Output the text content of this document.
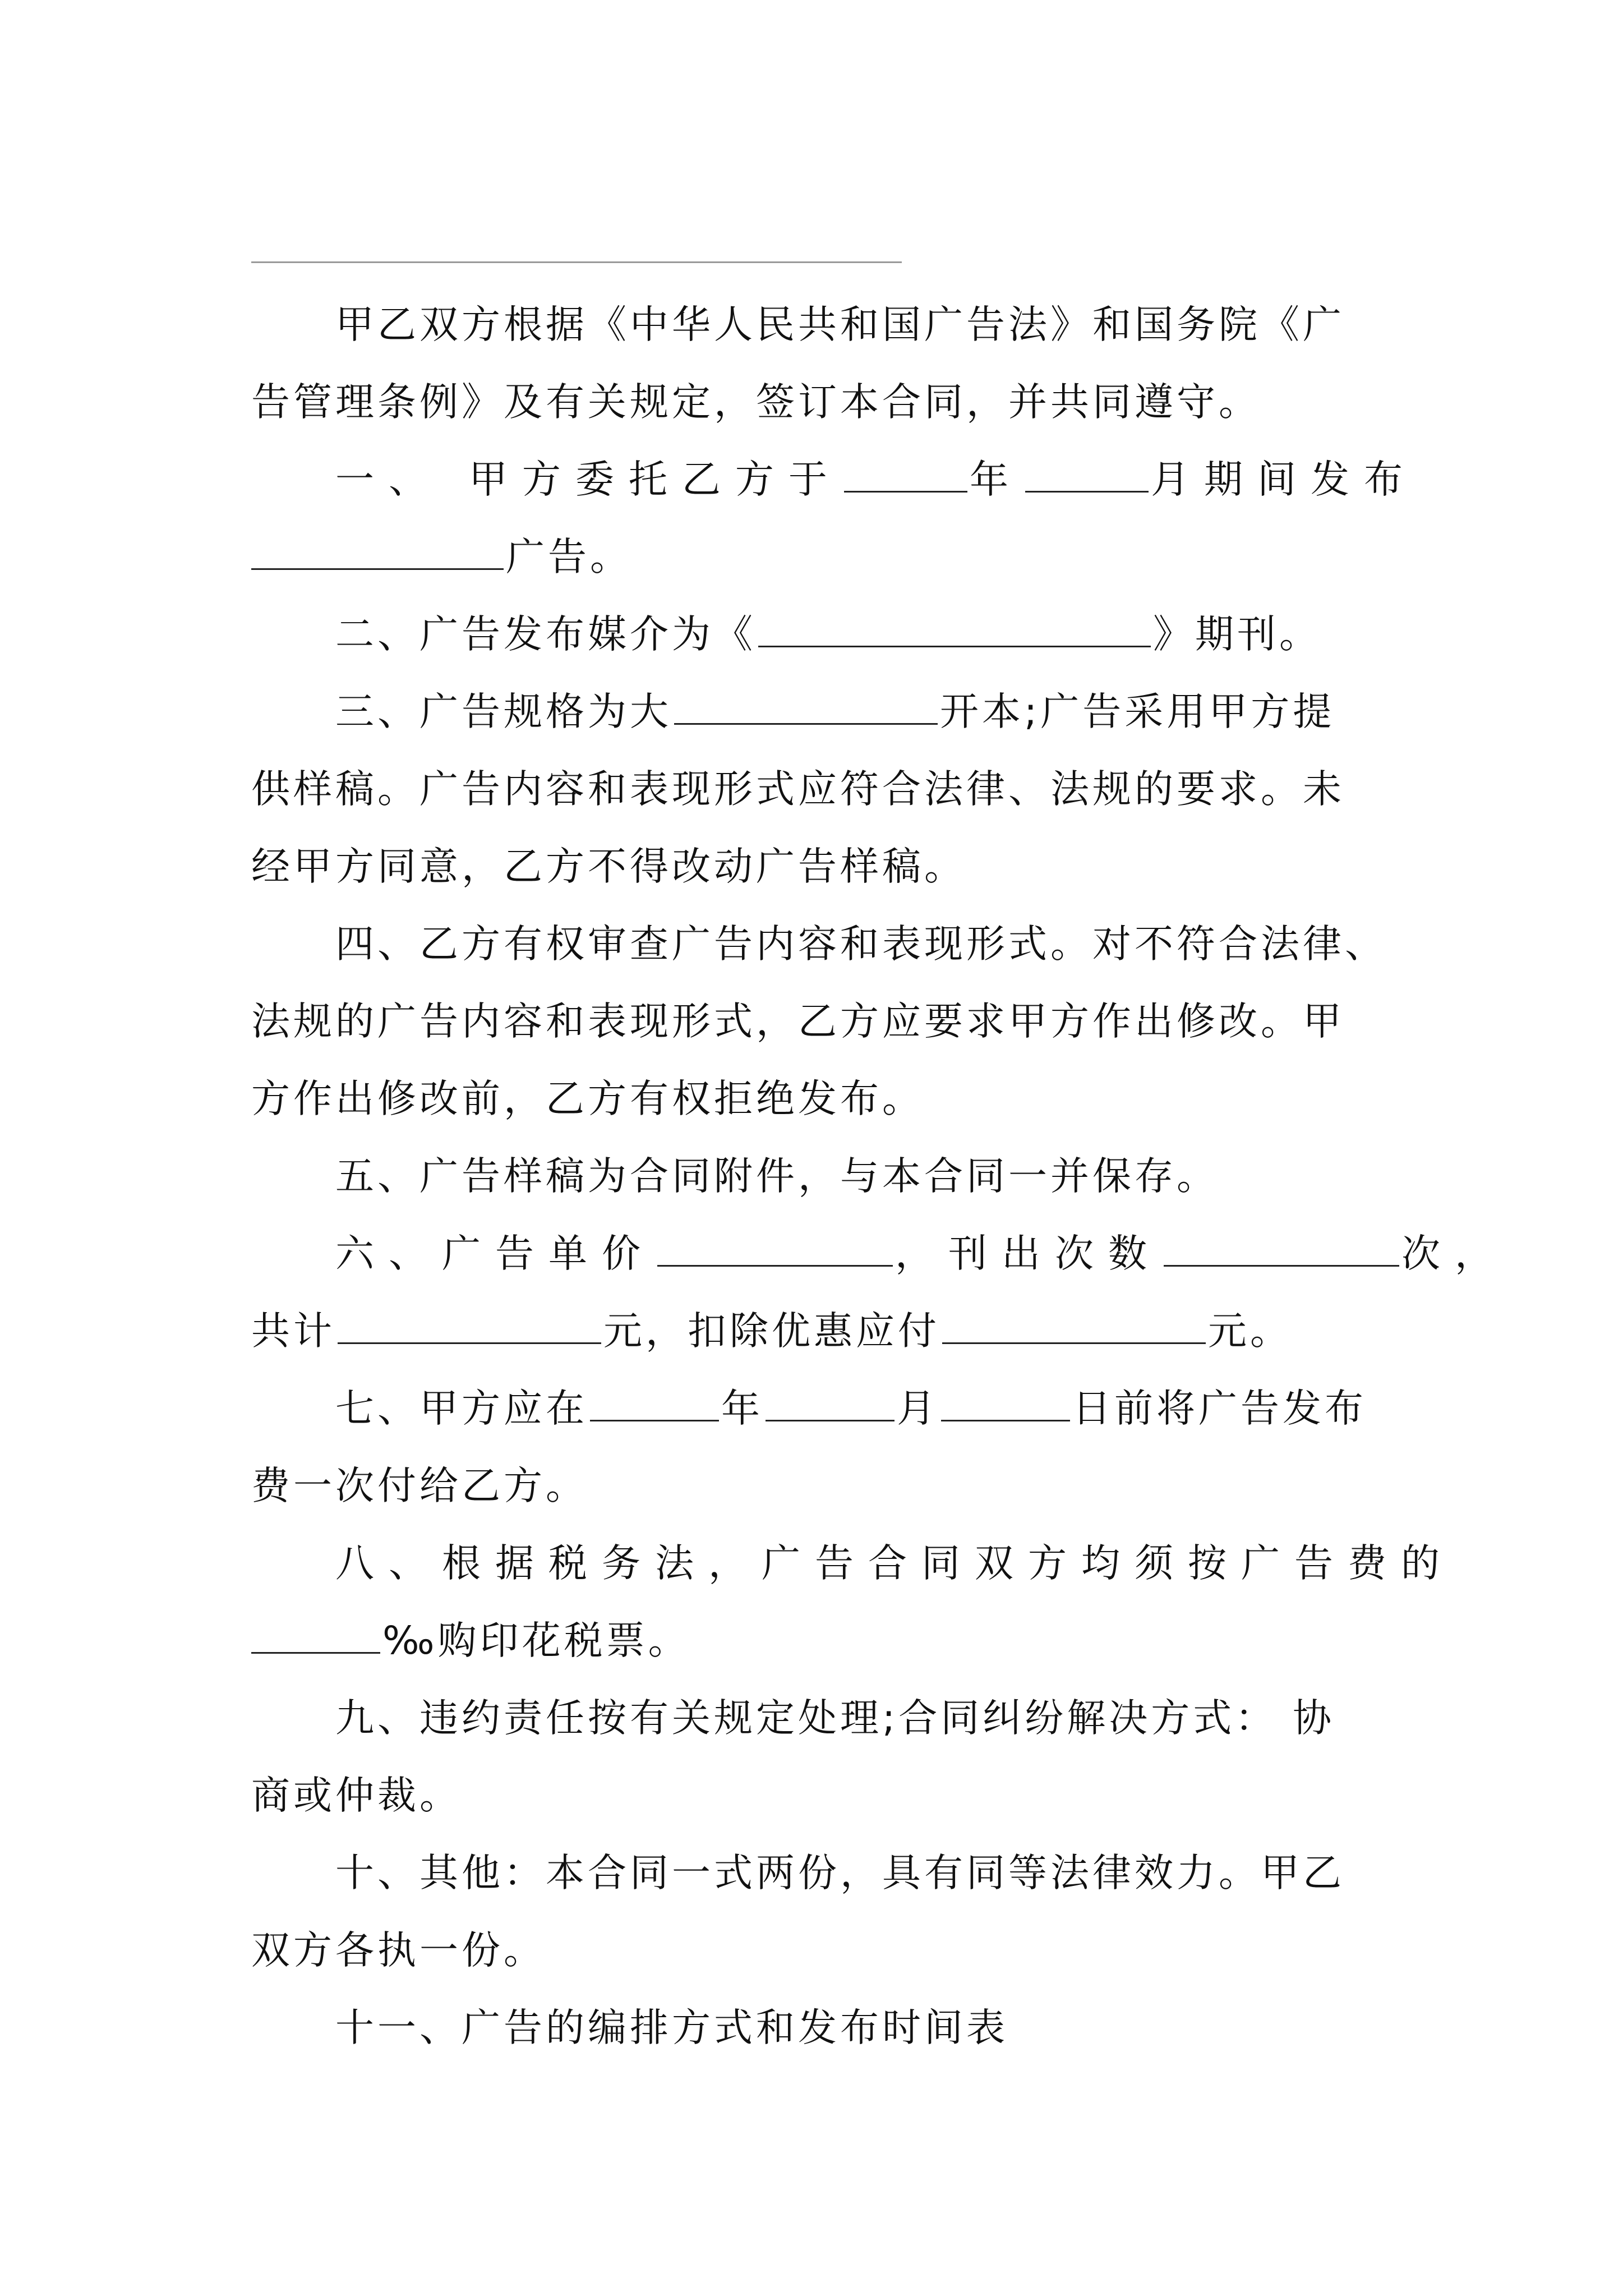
甲乙双方根据《中华人民共和国广告法》和国务院《广

告管理条例》及有关规定，签订本合同，并共同遵守。

一、 甲方委托乙方于	年	月期间发布

广告。

二、广告发布媒介为《	》期刊。

三、广告规格为大	开本;广告采用甲方提

供样稿。广告内容和表现形式应符合法律、法规的要求。未

经甲方同意，乙方不得改动广告样稿。

四、乙方有权审查广告内容和表现形式。对不符合法律、

法规的广告内容和表现形式，乙方应要求甲方作出修改。甲

方作出修改前，乙方有权拒绝发布。

五、广告样稿为合同附件，与本合同一并保存。

六、广告单价	，刊出次数	次，

共计	元，扣除优惠应付	元。

七、甲方应在	年	月	日前将广告发布

费一次付给乙方。

八、根据税务法，广告合同双方均须按广告费的

‰购印花税票。

九、违约责任按有关规定处理;合同纠纷解决方式： 协

商或仲裁。

十、其他：本合同一式两份，具有同等法律效力。甲乙

双方各执一份。

十一、广告的编排方式和发布时间表
